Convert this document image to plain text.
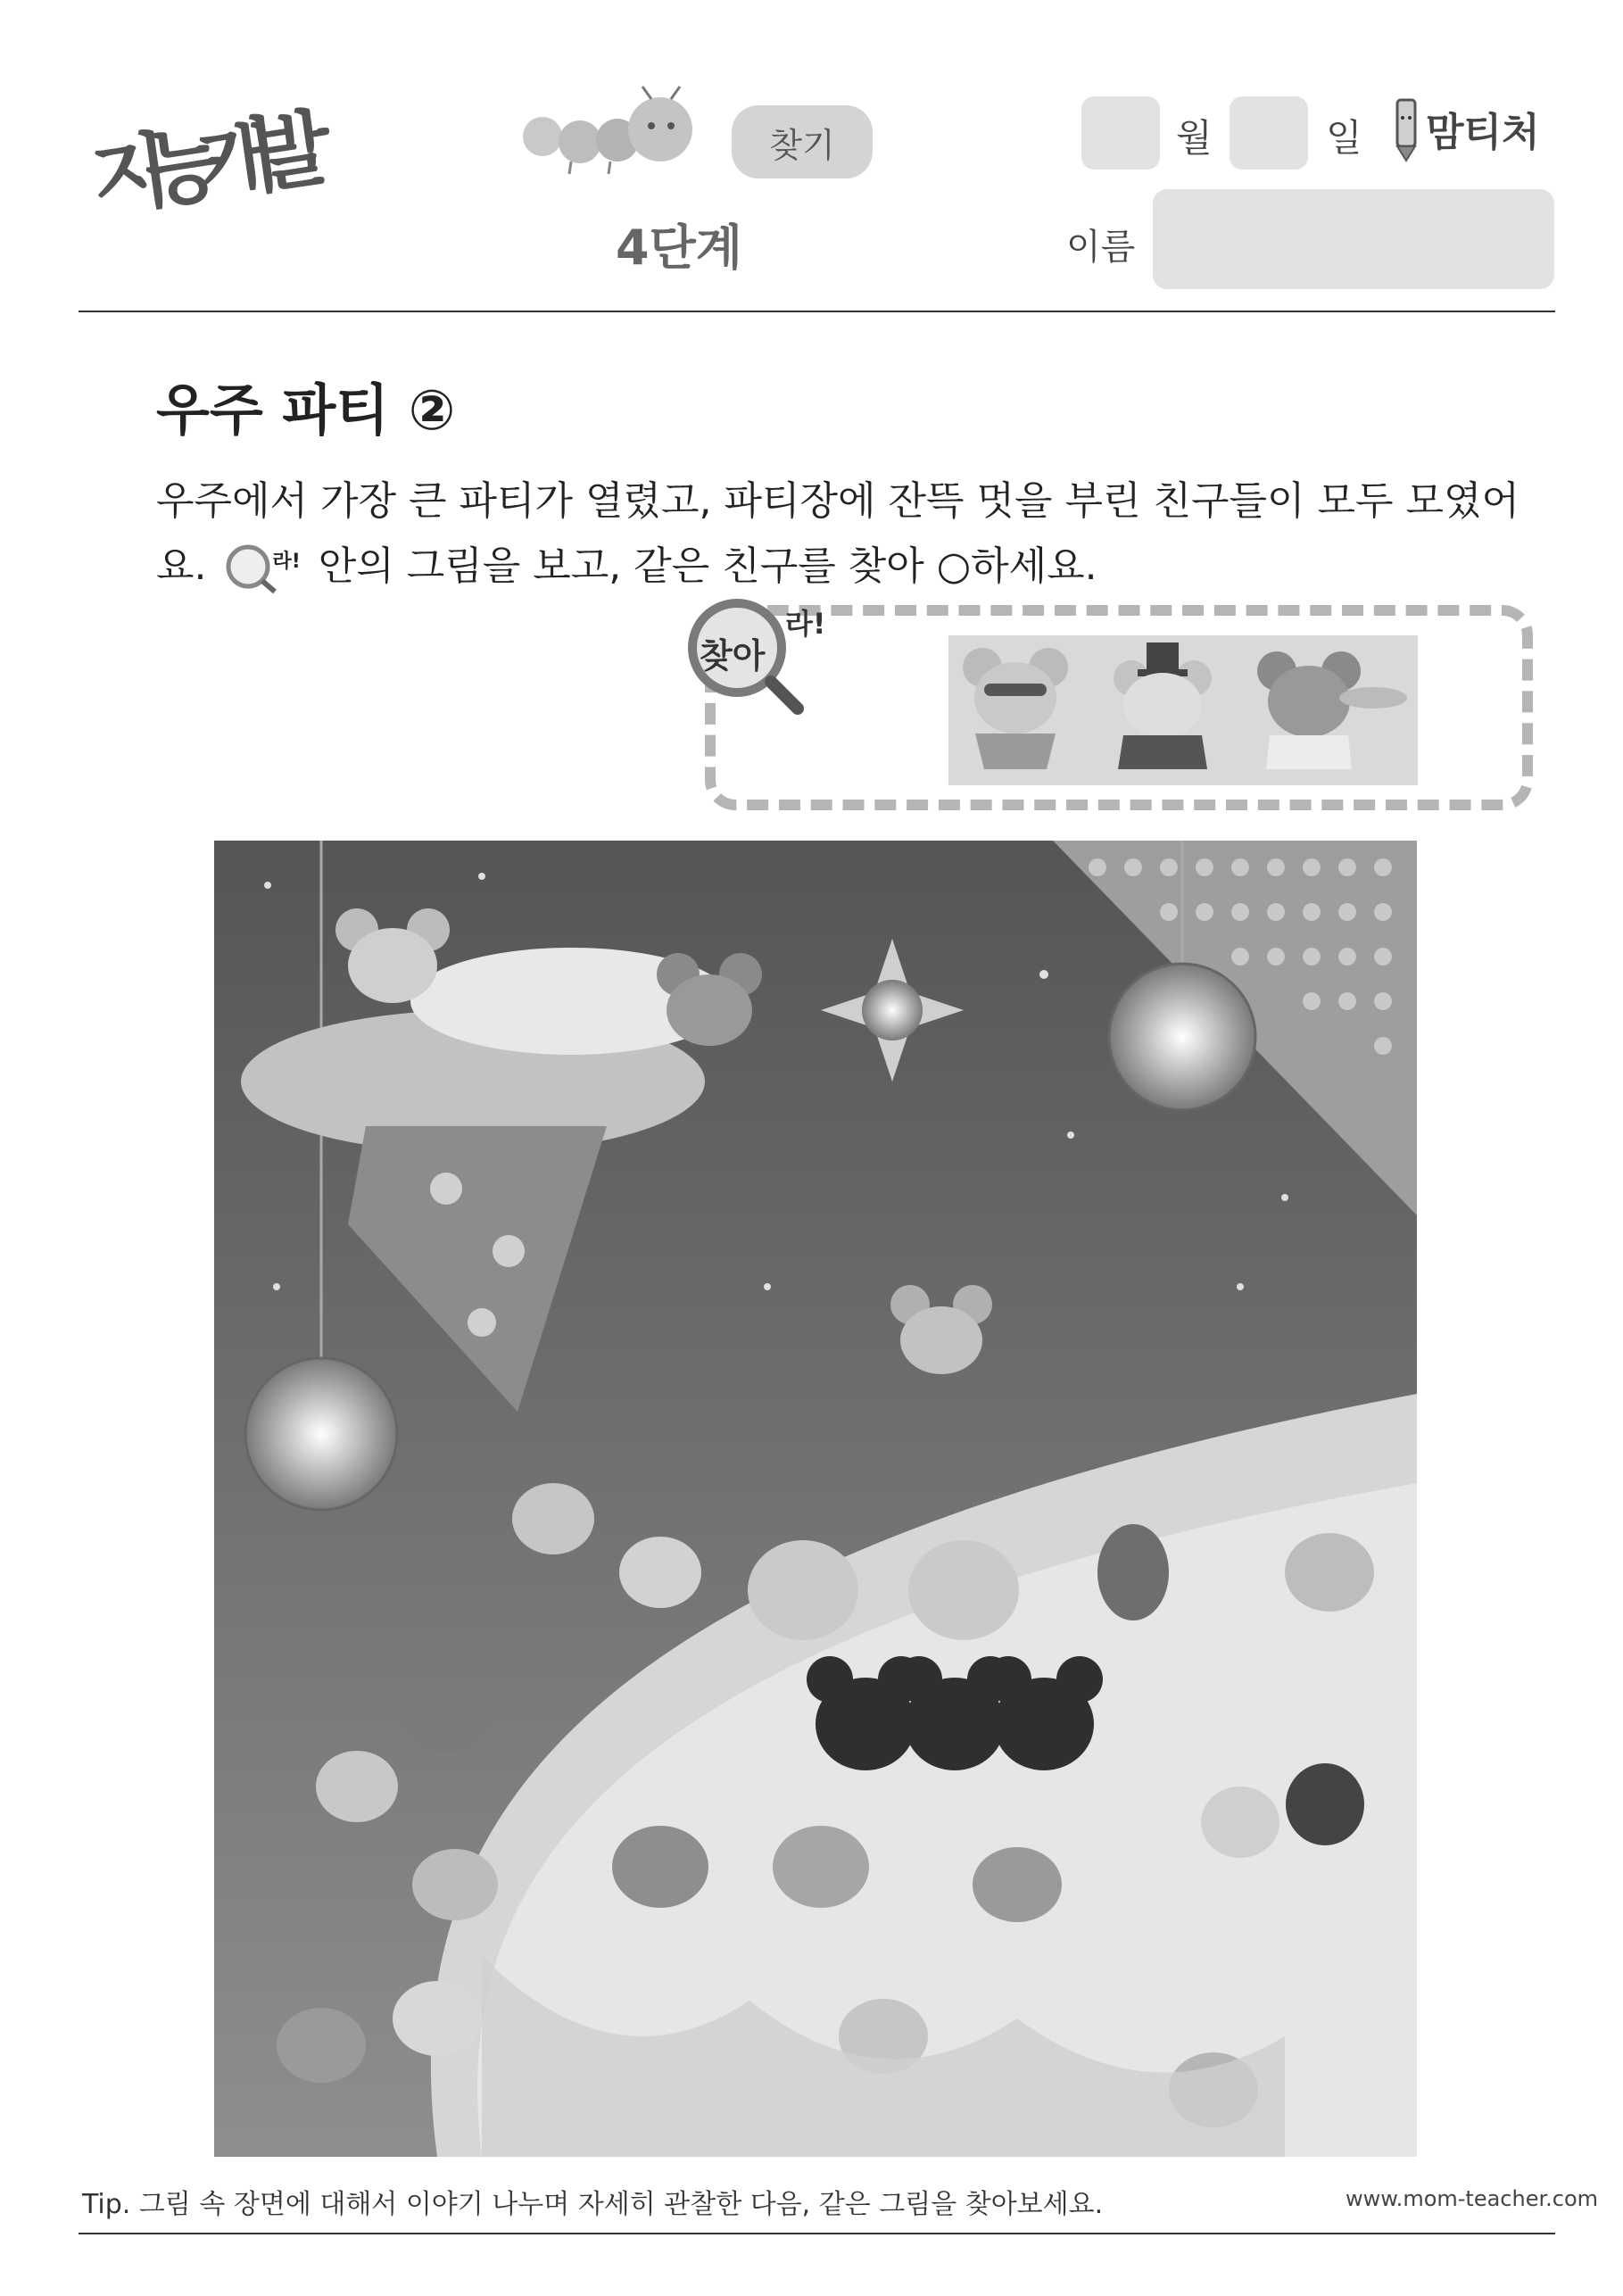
지능개발	찾기
4단계
월	일 맘티처
이름
우주 파티 ②
우주에서 가장 큰 파티가 열렸고, 파티장에 잔뜩 멋을 부린 친구들이 모두 모였어
요.	라! 안의 그림을 보고, 같은 친구를 찾아 ○하세요.
찾아
라!
Tip. 그림 속 장면에 대해서 이야기 나누며 자세히 관찰한 다음, 같은 그림을 찾아보세요.	www.mom-teacher.com
